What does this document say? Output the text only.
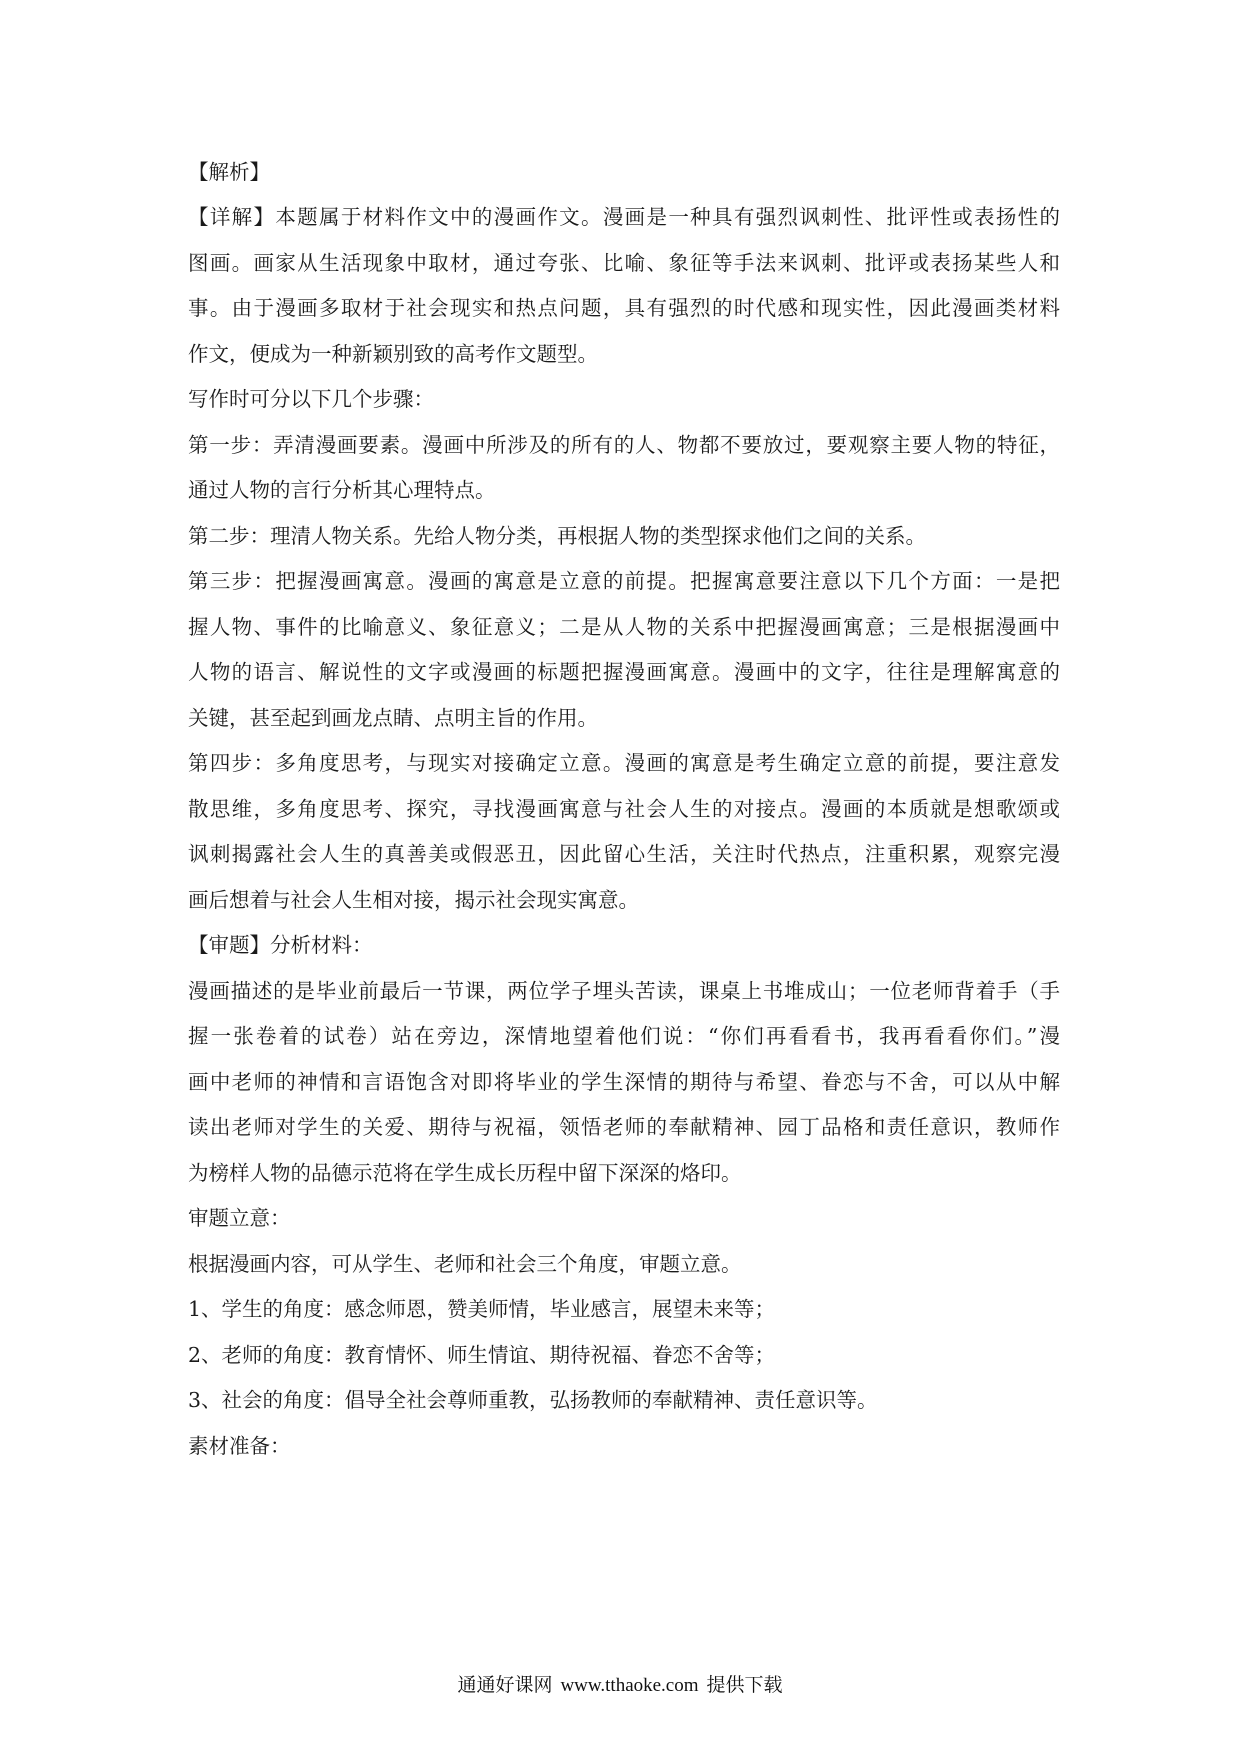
【解析】
【详解】本题属于材料作文中的漫画作文。漫画是一种具有强烈讽刺性、批评性或表扬性的
图画。画家从生活现象中取材，通过夸张、比喻、象征等手法来讽刺、批评或表扬某些人和
事。由于漫画多取材于社会现实和热点问题，具有强烈的时代感和现实性，因此漫画类材料
作文，便成为一种新颖别致的高考作文题型。
写作时可分以下几个步骤：
第一步：弄清漫画要素。漫画中所涉及的所有的人、物都不要放过，要观察主要人物的特征，
通过人物的言行分析其心理特点。
第二步：理清人物关系。先给人物分类，再根据人物的类型探求他们之间的关系。
第三步：把握漫画寓意。漫画的寓意是立意的前提。把握寓意要注意以下几个方面：一是把
握人物、事件的比喻意义、象征意义；二是从人物的关系中把握漫画寓意；三是根据漫画中
人物的语言、解说性的文字或漫画的标题把握漫画寓意。漫画中的文字，往往是理解寓意的
关键，甚至起到画龙点睛、点明主旨的作用。
第四步：多角度思考，与现实对接确定立意。漫画的寓意是考生确定立意的前提，要注意发
散思维，多角度思考、探究，寻找漫画寓意与社会人生的对接点。漫画的本质就是想歌颂或
讽刺揭露社会人生的真善美或假恶丑，因此留心生活，关注时代热点，注重积累，观察完漫
画后想着与社会人生相对接，揭示社会现实寓意。
【审题】分析材料：
漫画描述的是毕业前最后一节课，两位学子埋头苦读，课桌上书堆成山；一位老师背着手（手
握一张卷着的试卷）站在旁边，深情地望着他们说：“你们再看看书，我再看看你们。”漫
画中老师的神情和言语饱含对即将毕业的学生深情的期待与希望、眷恋与不舍，可以从中解
读出老师对学生的关爱、期待与祝福，领悟老师的奉献精神、园丁品格和责任意识，教师作
为榜样人物的品德示范将在学生成长历程中留下深深的烙印。
审题立意：
根据漫画内容，可从学生、老师和社会三个角度，审题立意。
1、学生的角度：感念师恩，赞美师情，毕业感言，展望未来等；
2、老师的角度：教育情怀、师生情谊、期待祝福、眷恋不舍等；
3、社会的角度：倡导全社会尊师重教，弘扬教师的奉献精神、责任意识等。
素材准备：
通通好课网 www.tthaoke.com 提供下载
